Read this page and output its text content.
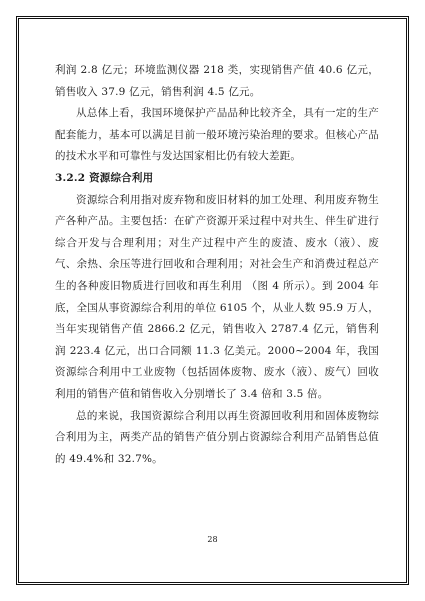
利润 2.8 亿元；环境监测仪器 218 类，实现销售产值 40.6 亿元，销售收入 37.9 亿元，销售利润 4.5 亿元。

从总体上看，我国环境保护产品品种比较齐全，具有一定的生产配套能力，基本可以满足目前一般环境污染治理的要求。但核心产品的技术水平和可靠性与发达国家相比仍有较大差距。

3.2.2 资源综合利用

资源综合利用指对废弃物和废旧材料的加工处理、利用废弃物生产各种产品。主要包括：在矿产资源开采过程中对共生、伴生矿进行综合开发与合理利用；对生产过程中产生的废渣、废水（液）、废气、余热、余压等进行回收和合理利用；对社会生产和消费过程总产生的各种废旧物质进行回收和再生利用 （图 4 所示）。到 2004 年底，全国从事资源综合利用的单位 6105 个，从业人数 95.9 万人，当年实现销售产值 2866.2 亿元，销售收入 2787.4 亿元，销售利润 223.4 亿元，出口合同额 11.3 亿美元。2000~2004 年，我国资源综合利用中工业废物（包括固体废物、废水（液）、废气）回收利用的销售产值和销售收入分别增长了 3.4 倍和 3.5 倍。

总的来说，我国资源综合利用以再生资源回收利用和固体废物综合利用为主，两类产品的销售产值分别占资源综合利用产品销售总值的 49.4%和 32.7%。

28
